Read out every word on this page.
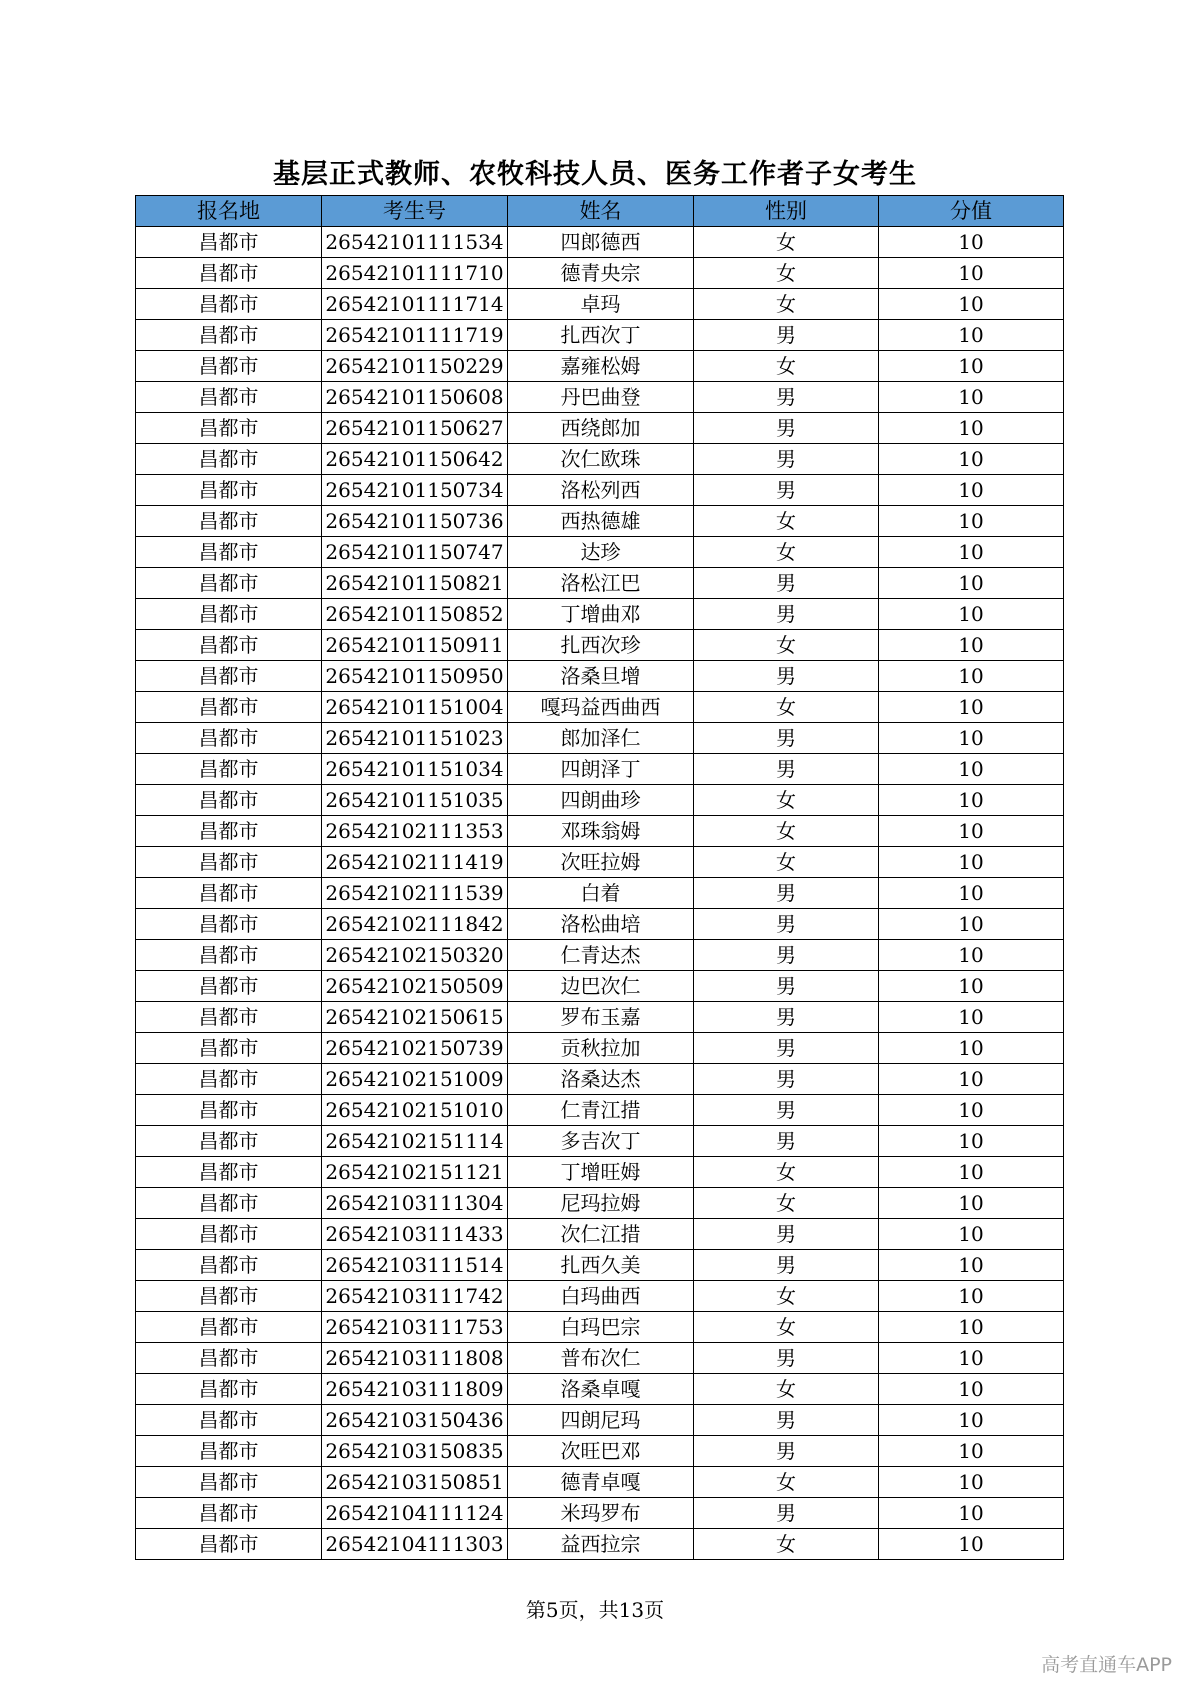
基层正式教师、农牧科技人员、医务工作者子女考生
报名地	考生号	姓名	性别	分值
昌都市	26542101111534	四郎德西	女	10
昌都市	26542101111710	德青央宗	女	10
昌都市	26542101111714	卓玛	女	10
昌都市	26542101111719	扎西次丁	男	10
昌都市	26542101150229	嘉雍松姆	女	10
昌都市	26542101150608	丹巴曲登	男	10
昌都市	26542101150627	西绕郎加	男	10
昌都市	26542101150642	次仁欧珠	男	10
昌都市	26542101150734	洛松列西	男	10
昌都市	26542101150736	西热德雄	女	10
昌都市	26542101150747	达珍	女	10
昌都市	26542101150821	洛松江巴	男	10
昌都市	26542101150852	丁增曲邓	男	10
昌都市	26542101150911	扎西次珍	女	10
昌都市	26542101150950	洛桑旦增	男	10
昌都市	26542101151004	嘎玛益西曲西	女	10
昌都市	26542101151023	郎加泽仁	男	10
昌都市	26542101151034	四朗泽丁	男	10
昌都市	26542101151035	四朗曲珍	女	10
昌都市	26542102111353	邓珠翁姆	女	10
昌都市	26542102111419	次旺拉姆	女	10
昌都市	26542102111539	白着	男	10
昌都市	26542102111842	洛松曲培	男	10
昌都市	26542102150320	仁青达杰	男	10
昌都市	26542102150509	边巴次仁	男	10
昌都市	26542102150615	罗布玉嘉	男	10
昌都市	26542102150739	贡秋拉加	男	10
昌都市	26542102151009	洛桑达杰	男	10
昌都市	26542102151010	仁青江措	男	10
昌都市	26542102151114	多吉次丁	男	10
昌都市	26542102151121	丁增旺姆	女	10
昌都市	26542103111304	尼玛拉姆	女	10
昌都市	26542103111433	次仁江措	男	10
昌都市	26542103111514	扎西久美	男	10
昌都市	26542103111742	白玛曲西	女	10
昌都市	26542103111753	白玛巴宗	女	10
昌都市	26542103111808	普布次仁	男	10
昌都市	26542103111809	洛桑卓嘎	女	10
昌都市	26542103150436	四朗尼玛	男	10
昌都市	26542103150835	次旺巴邓	男	10
昌都市	26542103150851	德青卓嘎	女	10
昌都市	26542104111124	米玛罗布	男	10
昌都市	26542104111303	益西拉宗	女	10
第5页，共13页
高考直通车APP
